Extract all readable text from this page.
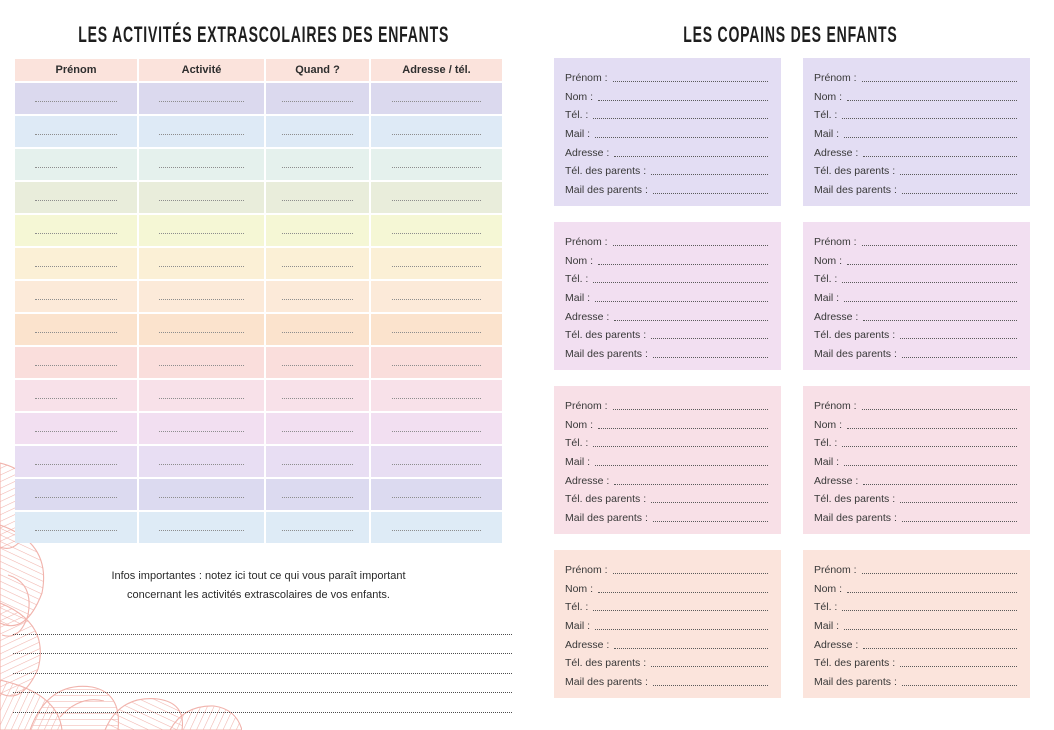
LES ACTIVITÉS EXTRASCOLAIRES DES ENFANTS
Prénom	Activité	Quand ?	Adresse / tél.

Infos importantes : notez ici tout ce qui vous paraît important

concernant les activités extrascolaires de vos enfants.

LES COPAINS DES ENFANTS
Prénom :
Nom :
Tél. :
Mail :
Adresse :
Tél. des parents :
Mail des parents :
Prénom :
Nom :
Tél. :
Mail :
Adresse :
Tél. des parents :
Mail des parents :
Prénom :
Nom :
Tél. :
Mail :
Adresse :
Tél. des parents :
Mail des parents :
Prénom :
Nom :
Tél. :
Mail :
Adresse :
Tél. des parents :
Mail des parents :
Prénom :
Nom :
Tél. :
Mail :
Adresse :
Tél. des parents :
Mail des parents :
Prénom :
Nom :
Tél. :
Mail :
Adresse :
Tél. des parents :
Mail des parents :
Prénom :
Nom :
Tél. :
Mail :
Adresse :
Tél. des parents :
Mail des parents :
Prénom :
Nom :
Tél. :
Mail :
Adresse :
Tél. des parents :
Mail des parents :
